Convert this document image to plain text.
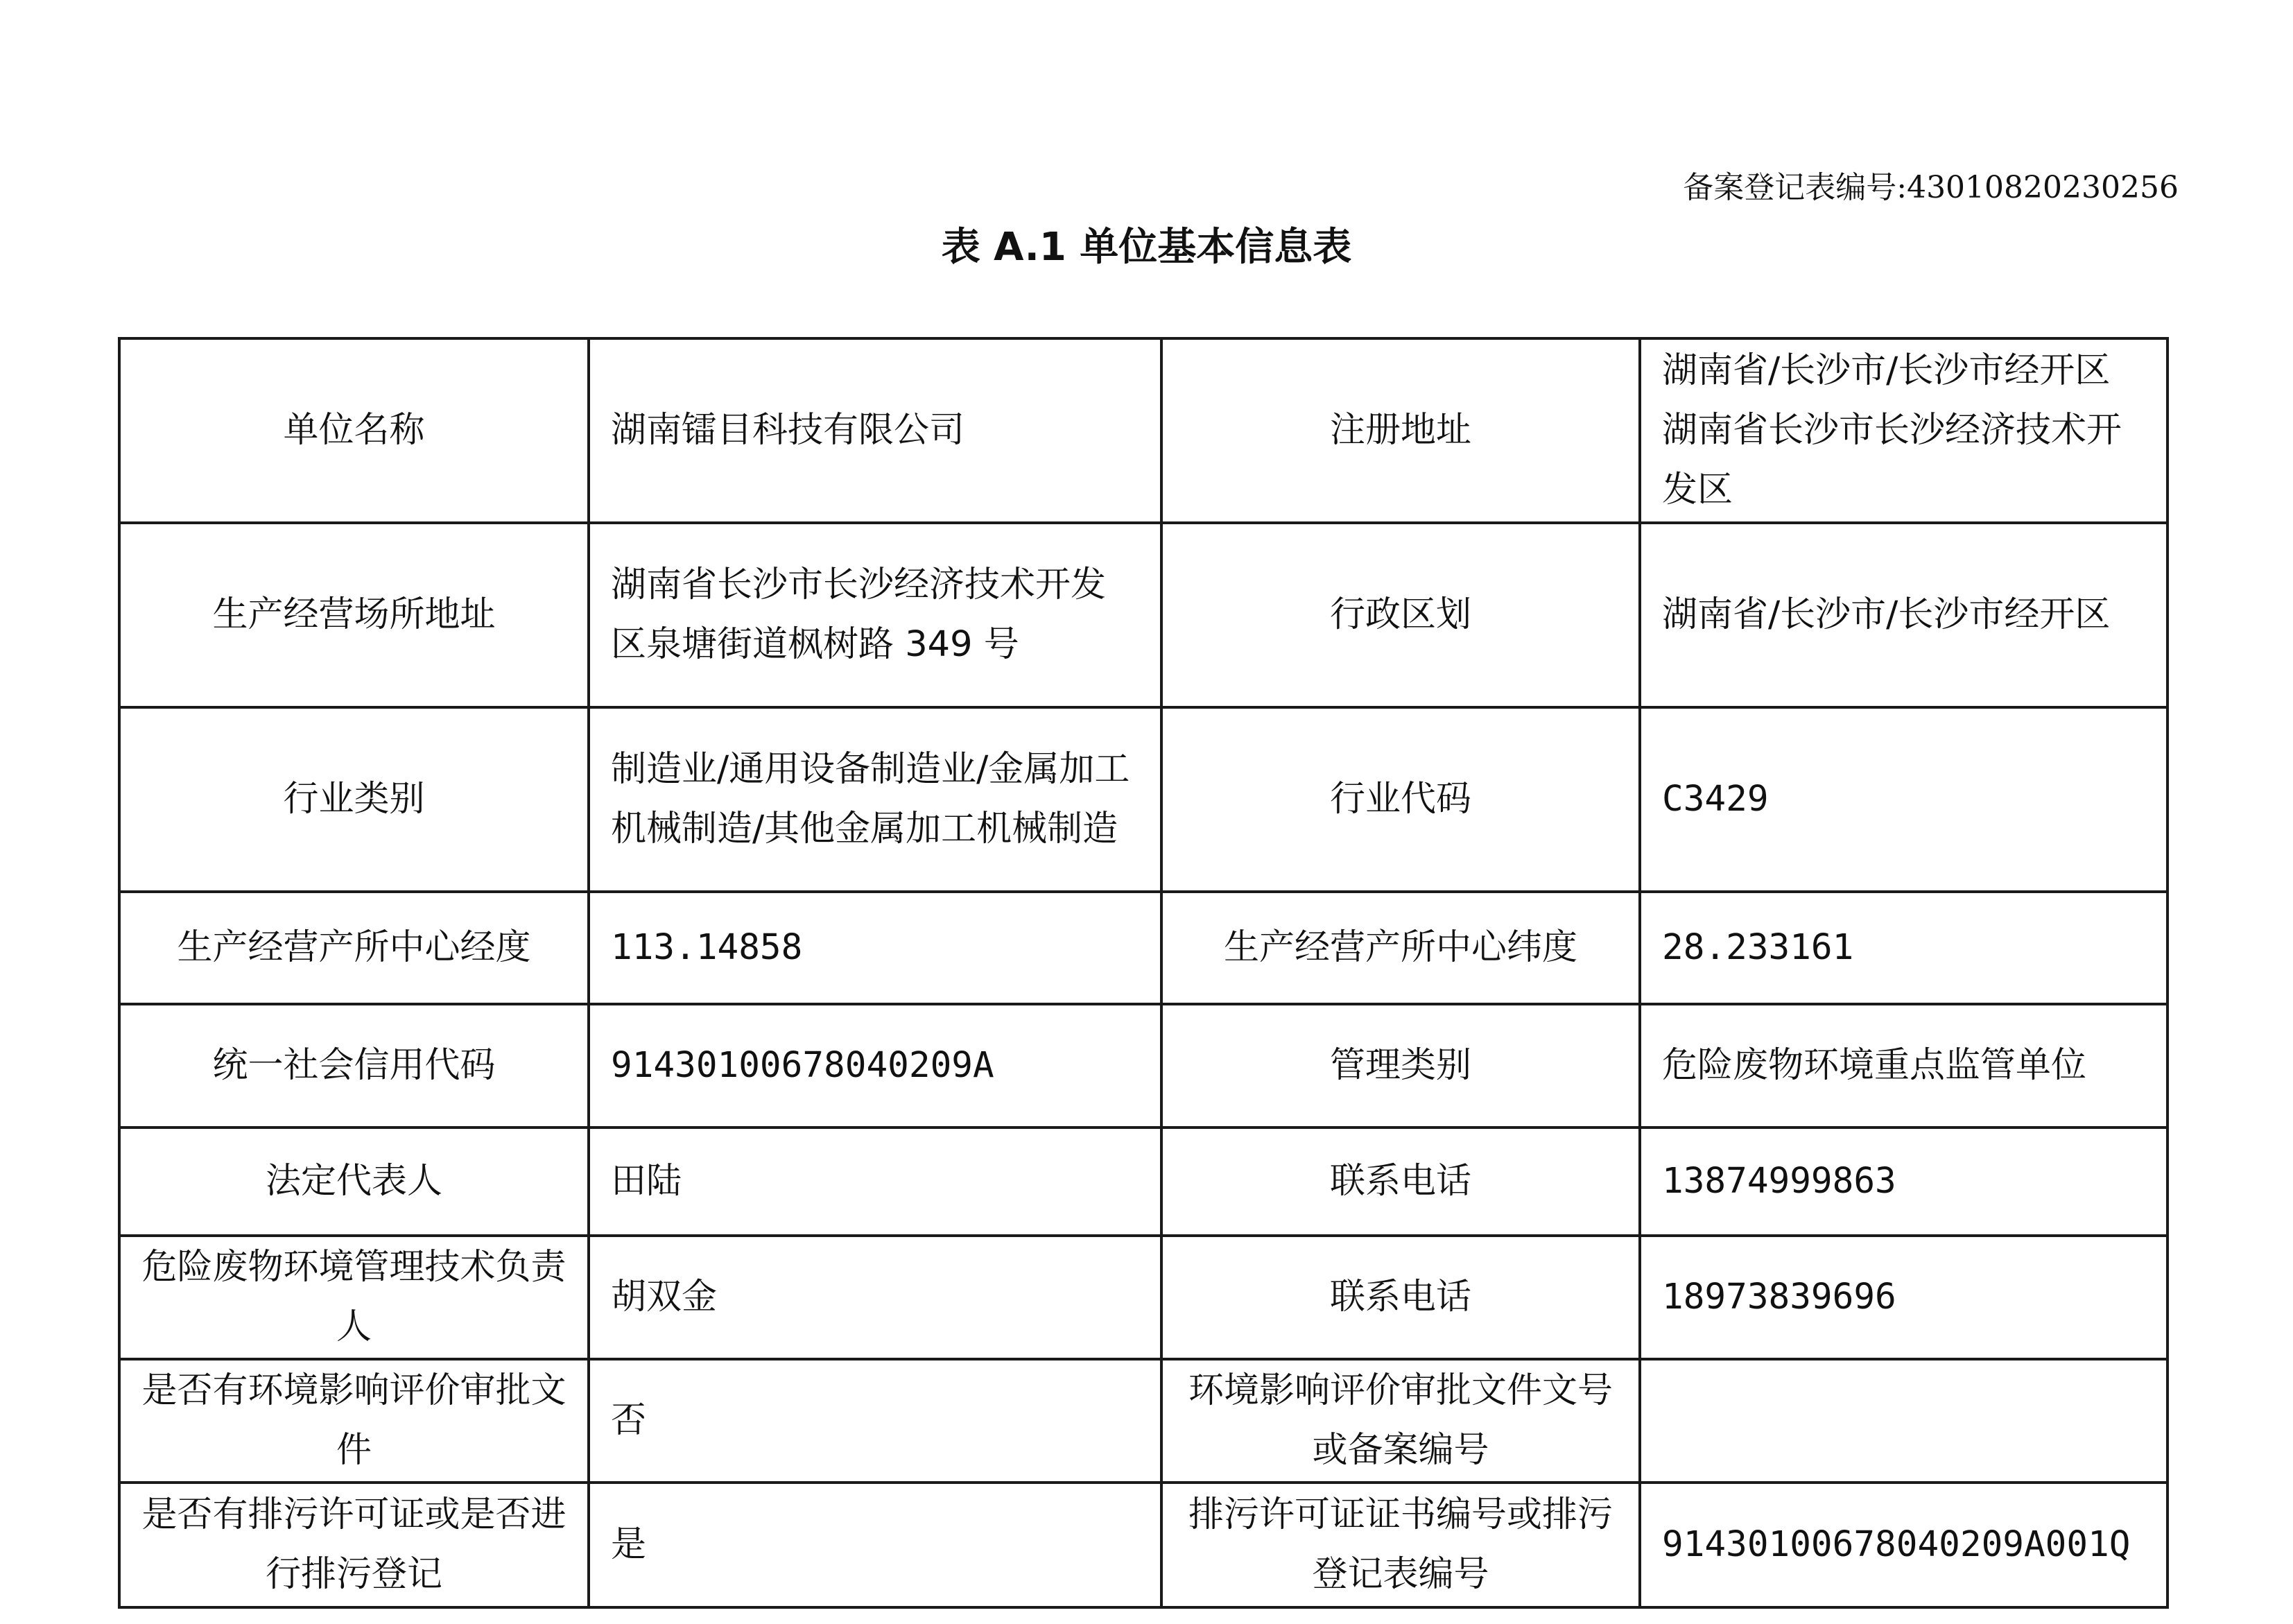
备案登记表编号:43010820230256
表 A.1 单位基本信息表
单位名称	湖南镭目科技有限公司	注册地址	湖南省/长沙市/长沙市经开区湖南省长沙市长沙经济技术开发区
生产经营场所地址	湖南省长沙市长沙经济技术开发区泉塘街道枫树路 349 号	行政区划	湖南省/长沙市/长沙市经开区
行业类别	制造业/通用设备制造业/金属加工机械制造/其他金属加工机械制造	行业代码	C3429
生产经营产所中心经度	113.14858	生产经营产所中心纬度	28.233161
统一社会信用代码	91430100678040209A	管理类别	危险废物环境重点监管单位
法定代表人	田陆	联系电话	13874999863
危险废物环境管理技术负责人	胡双金	联系电话	18973839696
是否有环境影响评价审批文件	否	环境影响评价审批文件文号或备案编号	
是否有排污许可证或是否进行排污登记	是	排污许可证证书编号或排污登记表编号	91430100678040209A001Q
